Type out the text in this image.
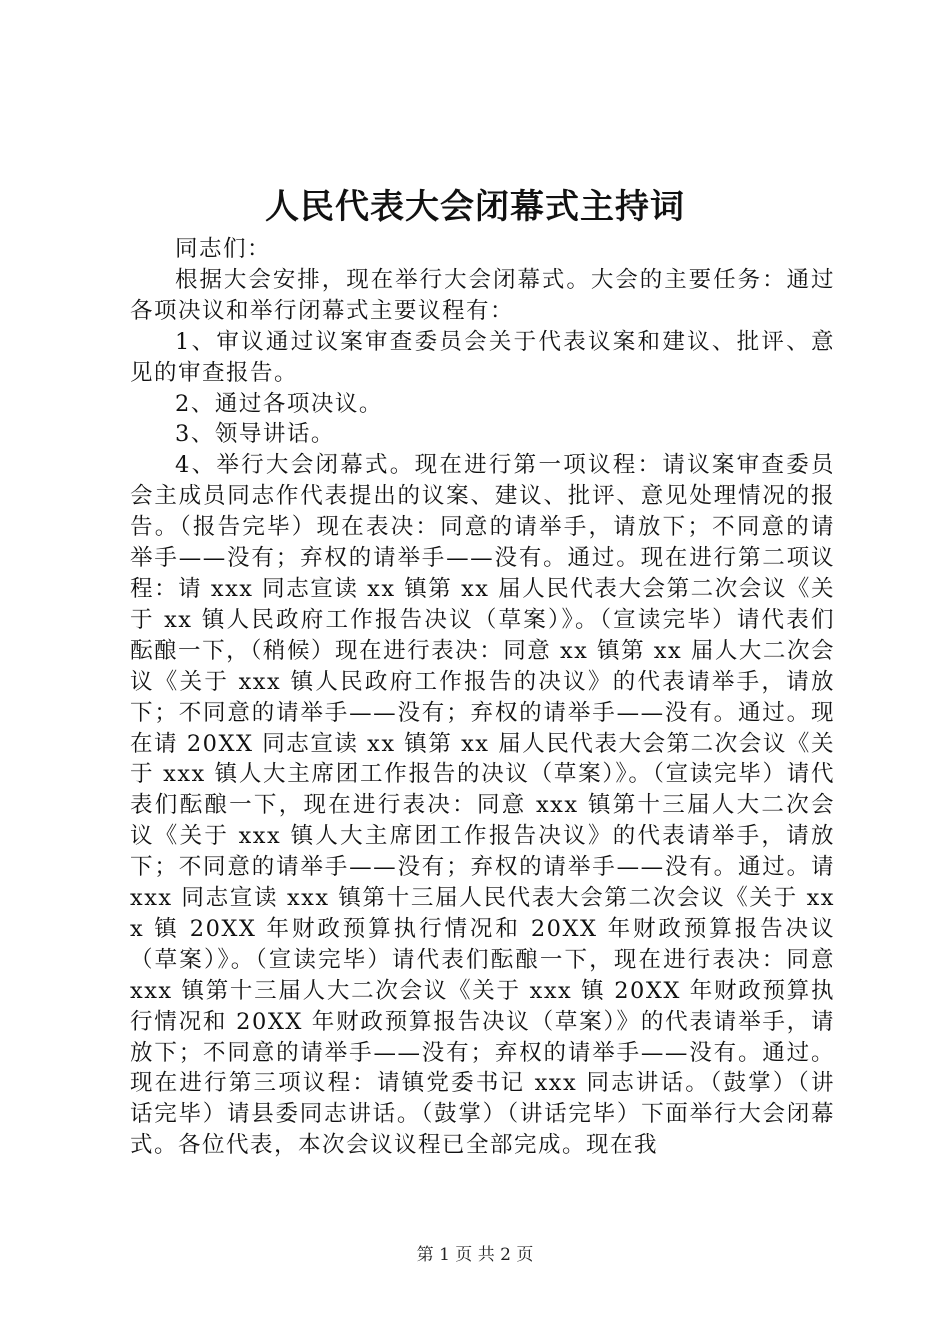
人民代表大会闭幕式主持词

同志们：

根据大会安排，现在举行大会闭幕式。大会的主要任务：通过各项决议和举行闭幕式主要议程有：

1、审议通过议案审查委员会关于代表议案和建议、批评、意见的审查报告。

2、通过各项决议。

3、领导讲话。

4、举行大会闭幕式。现在进行第一项议程：请议案审查委员会主成员同志作代表提出的议案、建议、批评、意见处理情况的报告。（报告完毕）现在表决：同意的请举手，请放下；不同意的请举手——没有；弃权的请举手——没有。通过。现在进行第二项议程：请 xxx 同志宣读 xx 镇第 xx 届人民代表大会第二次会议《关于 xx 镇人民政府工作报告决议（草案）》。（宣读完毕）请代表们酝酿一下，（稍候）现在进行表决：同意 xx 镇第 xx 届人大二次会议《关于 xxx 镇人民政府工作报告的决议》的代表请举手，请放下；不同意的请举手——没有；弃权的请举手——没有。通过。现在请 20XX 同志宣读 xx 镇第 xx 届人民代表大会第二次会议《关于 xxx 镇人大主席团工作报告的决议（草案）》。（宣读完毕）请代表们酝酿一下，现在进行表决：同意 xxx 镇第十三届人大二次会议《关于 xxx 镇人大主席团工作报告决议》的代表请举手，请放下；不同意的请举手——没有；弃权的请举手——没有。通过。请 xxx 同志宣读 xxx 镇第十三届人民代表大会第二次会议《关于 xxx 镇 20XX 年财政预算执行情况和 20XX 年财政预算报告决议（草案）》。（宣读完毕）请代表们酝酿一下，现在进行表决：同意 xxx 镇第十三届人大二次会议《关于 xxx 镇 20XX 年财政预算执行情况和 20XX 年财政预算报告决议（草案）》的代表请举手，请放下；不同意的请举手——没有；弃权的请举手——没有。通过。现在进行第三项议程：请镇党委书记 xxx 同志讲话。（鼓掌）（讲话完毕）请县委同志讲话。（鼓掌）（讲话完毕）下面举行大会闭幕式。各位代表，本次会议议程已全部完成。现在我

第 1 页 共 2 页
